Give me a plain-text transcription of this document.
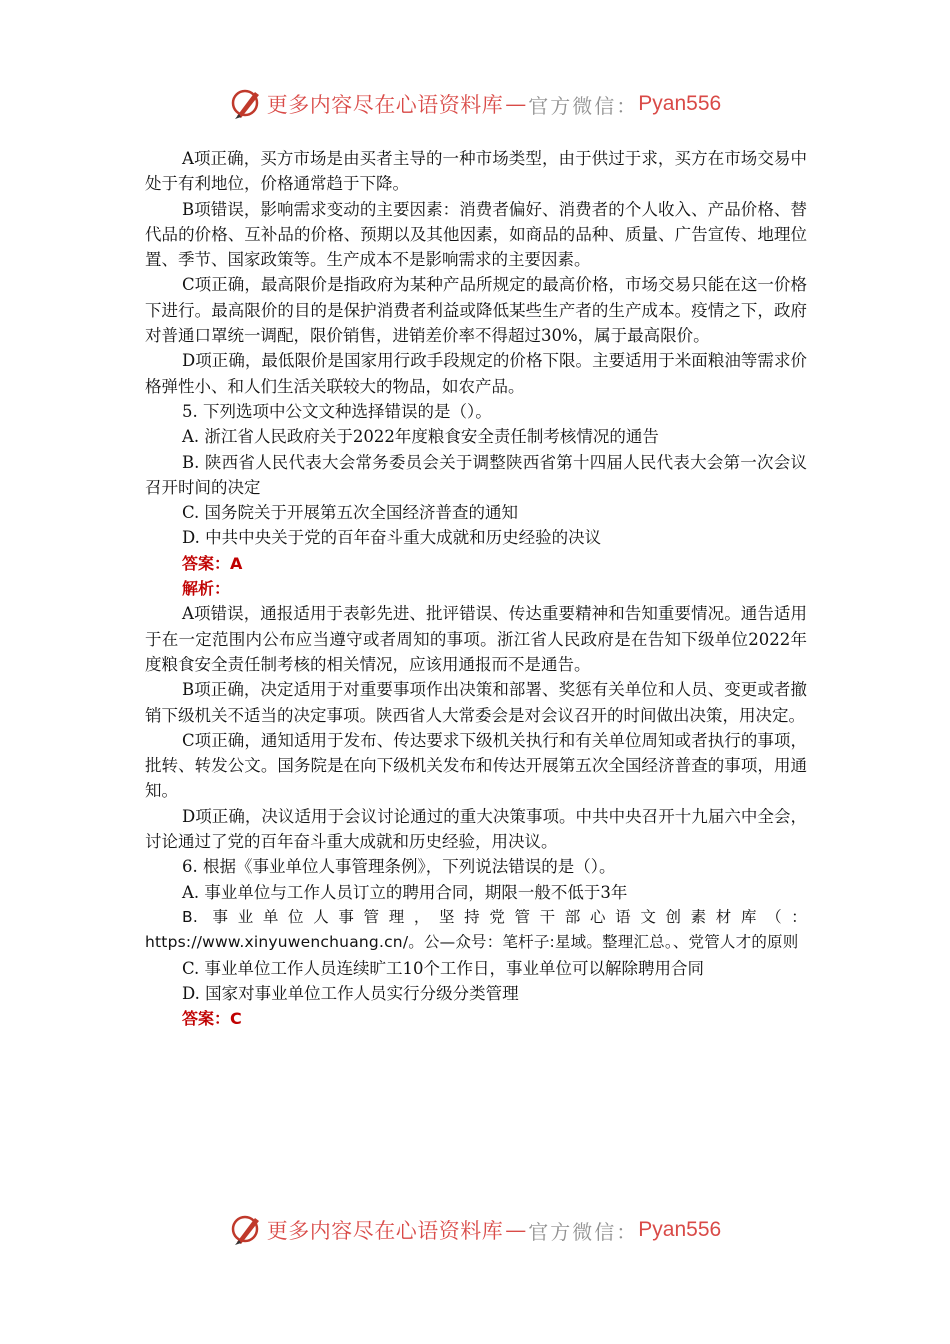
更多内容尽在心语资料库 — 官方微信： Pyan556

A项正确，买方市场是由买者主导的一种市场类型，由于供过于求，买方在市场交易中处于有利地位，价格通常趋于下降。

B项错误，影响需求变动的主要因素：消费者偏好、消费者的个人收入、产品价格、替代品的价格、互补品的价格、预期以及其他因素，如商品的品种、质量、广告宣传、地理位置、季节、国家政策等。生产成本不是影响需求的主要因素。

C项正确，最高限价是指政府为某种产品所规定的最高价格，市场交易只能在这一价格下进行。最高限价的目的是保护消费者利益或降低某些生产者的生产成本。疫情之下，政府对普通口罩统一调配，限价销售，进销差价率不得超过30%，属于最高限价。

D项正确，最低限价是国家用行政手段规定的价格下限。主要适用于米面粮油等需求价格弹性小、和人们生活关联较大的物品，如农产品。

5. 下列选项中公文文种选择错误的是（）。

A. 浙江省人民政府关于2022年度粮食安全责任制考核情况的通告

B. 陕西省人民代表大会常务委员会关于调整陕西省第十四届人民代表大会第一次会议召开时间的决定

C. 国务院关于开展第五次全国经济普查的通知

D. 中共中央关于党的百年奋斗重大成就和历史经验的决议

答案：A

解析：

A项错误，通报适用于表彰先进、批评错误、传达重要精神和告知重要情况。通告适用于在一定范围内公布应当遵守或者周知的事项。浙江省人民政府是在告知下级单位2022年度粮食安全责任制考核的相关情况，应该用通报而不是通告。

B项正确，决定适用于对重要事项作出决策和部署、奖惩有关单位和人员、变更或者撤销下级机关不适当的决定事项。陕西省人大常委会是对会议召开的时间做出决策，用决定。

C项正确，通知适用于发布、传达要求下级机关执行和有关单位周知或者执行的事项，批转、转发公文。国务院是在向下级机关发布和传达开展第五次全国经济普查的事项，用通知。

D项正确，决议适用于会议讨论通过的重大决策事项。中共中央召开十九届六中全会，讨论通过了党的百年奋斗重大成就和历史经验，用决议。

6. 根据《事业单位人事管理条例》，下列说法错误的是（）。

A. 事业单位与工作人员订立的聘用合同，期限一般不低于3年

B. 事业单位人事管理，坚持党管干部心语文创素材库（：https://www.xinyuwenchuang.cn/。公—众号：笔杆子:星域。整理汇总。、党管人才的原则

C. 事业单位工作人员连续旷工10个工作日，事业单位可以解除聘用合同

D. 国家对事业单位工作人员实行分级分类管理

答案：C

更多内容尽在心语资料库 — 官方微信： Pyan556
